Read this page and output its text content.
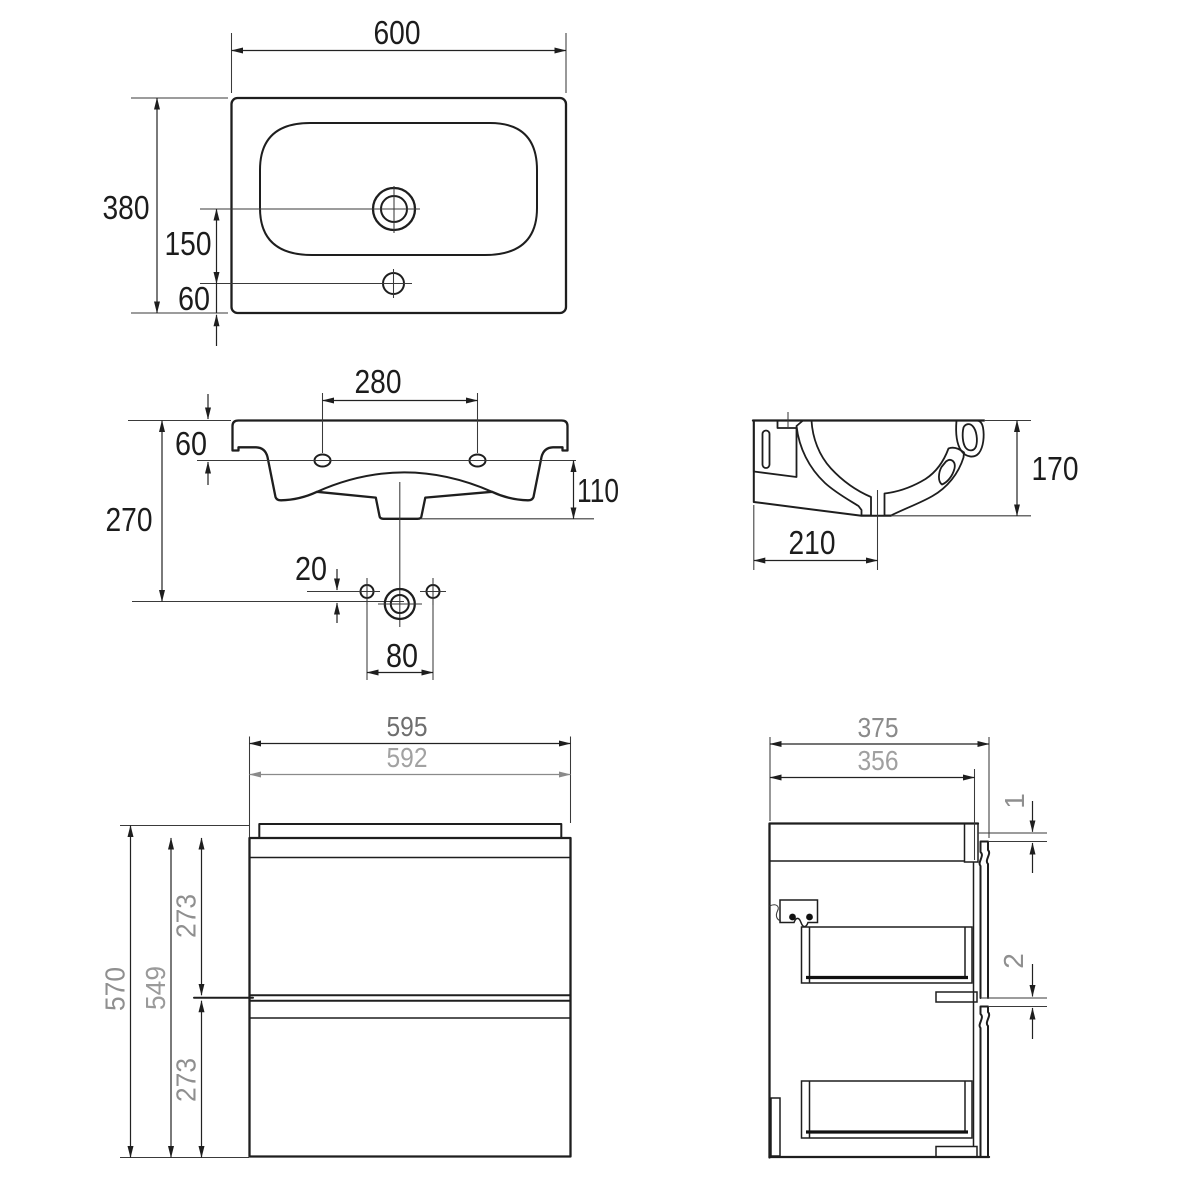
600
380
150
60
280
60
270
110
20
80
170
210
595
592
570 549
273
273
375
356
1
2
